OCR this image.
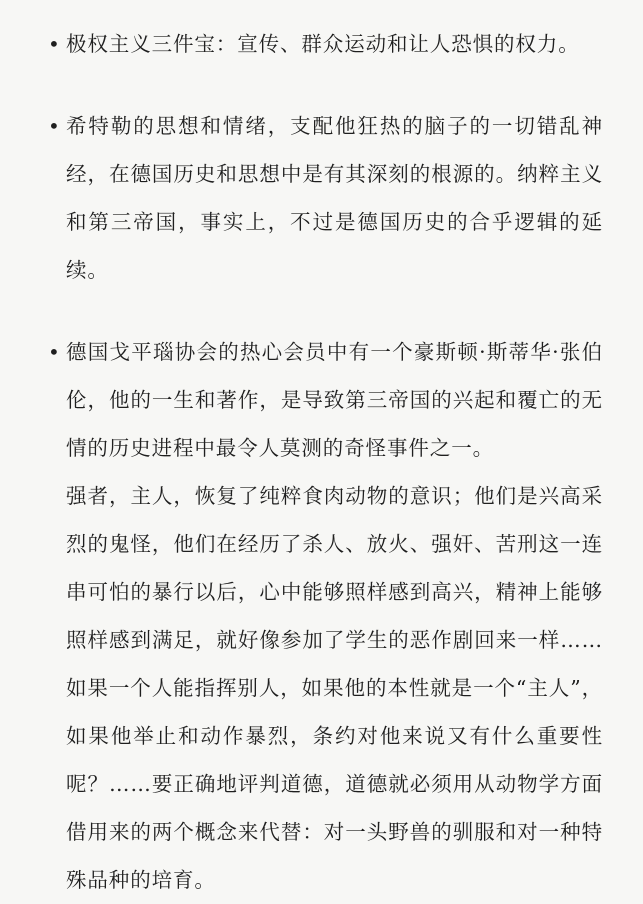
• 极权主义三件宝：宣传、群众运动和让人恐惧的权力。

• 希特勒的思想和情绪，支配他狂热的脑子的一切错乱神经，在德国历史和思想中是有其深刻的根源的。纳粹主义和第三帝国，事实上，不过是德国历史的合乎逻辑的延续。

• 德国戈平瑙协会的热心会员中有一个豪斯顿·斯蒂华·张伯伦，他的一生和著作，是导致第三帝国的兴起和覆亡的无情的历史进程中最令人莫测的奇怪事件之一。

强者，主人，恢复了纯粹食肉动物的意识；他们是兴高采烈的鬼怪，他们在经历了杀人、放火、强奸、苦刑这一连串可怕的暴行以后，心中能够照样感到高兴，精神上能够照样感到满足，就好像参加了学生的恶作剧回来一样……如果一个人能指挥别人，如果他的本性就是一个“主人”，如果他举止和动作暴烈，条约对他来说又有什么重要性呢？……要正确地评判道德，道德就必须用从动物学方面借用来的两个概念来代替：对一头野兽的驯服和对一种特殊品种的培育。
